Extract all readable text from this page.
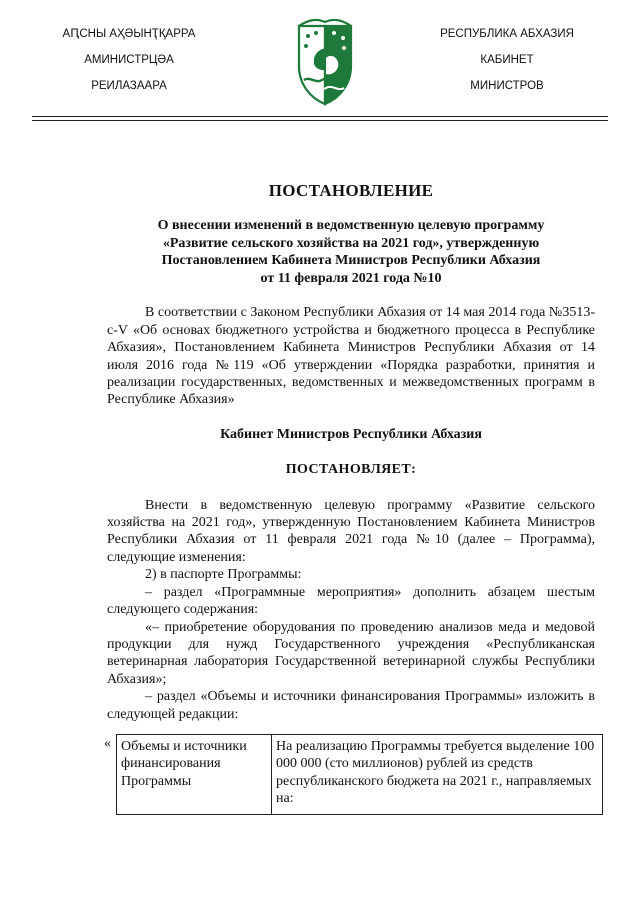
АԤСНЫ АҲӘЫНҬҚАРРА
АМИНИСТРЦӘА
РЕИЛАЗААРА
РЕСПУБЛИКА АБХАЗИЯ
КАБИНЕТ
МИНИСТРОВ
ПОСТАНОВЛЕНИЕ
О внесении изменений в ведомственную целевую программу
«Развитие сельского хозяйства на 2021 год», утвержденную
Постановлением Кабинета Министров Республики Абхазия
от 11 февраля 2021 года №10

В соответствии с Законом Республики Абхазия от 14 мая 2014 года №3513-с-V «Об основах бюджетного устройства и бюджетного процесса в Республике Абхазия», Постановлением Кабинета Министров Республики Абхазия от 14 июля 2016 года №119 «Об утверждении «Порядка разработки, принятия и реализации государственных, ведомственных и межведомственных программ в Республике Абхазия»

Кабинет Министров Республики Абхазия

ПОСТАНОВЛЯЕТ:

Внести в ведомственную целевую программу «Развитие сельского хозяйства на 2021 год», утвержденную Постановлением Кабинета Министров Республики Абхазия от 11 февраля 2021 года №10 (далее – Программа), следующие изменения:

2) в паспорте Программы:

– раздел «Программные мероприятия» дополнить абзацем шестым следующего содержания:

«– приобретение оборудования по проведению анализов меда и медовой продукции для нужд Государственного учреждения «Республиканская ветеринарная лаборатория Государственной ветеринарной службы Республики Абхазия»;

– раздел «Объемы и источники финансирования Программы» изложить в следующей редакции:

« Объемы и источники финансирования Программы	На реализацию Программы требуется выделение 100 000 000 (сто миллионов) рублей из средств республиканского бюджета на 2021 г., направляемых на:
